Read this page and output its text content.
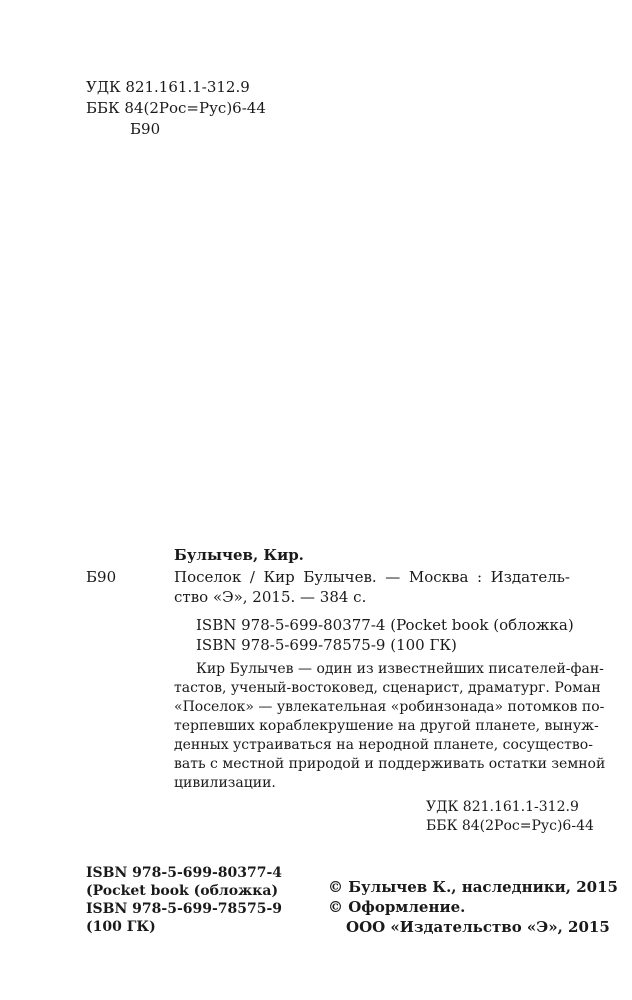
УДК 821.161.1-312.9
ББК 84(2Рос=Рус)6-44
Б90
Булычев, Кир.
Б90	Поселок / Кир Булычев. — Москва : Издатель-
ство «Э», 2015. — 384 с.
ISBN 978-5-699-80377-4 (Pocket book (обложка)
ISBN 978-5-699-78575-9 (100 ГК)
Кир Булычев — один из известнейших писателей-фан-
тастов, ученый-востоковед, сценарист, драматург. Роман
«Поселок» — увлекательная «робинзонада» потомков по-
терпевших кораблекрушение на другой планете, вынуж-
денных устраиваться на неродной планете, сосущество-
вать с местной природой и поддерживать остатки земной
цивилизации.
УДК 821.161.1-312.9
ББК 84(2Рос=Рус)6-44
ISBN 978-5-699-80377-4
(Pocket book (обложка)
ISBN 978-5-699-78575-9
(100 ГК)
© Булычев К., наследники, 2015
© Оформление.
ООО «Издательство «Э», 2015
